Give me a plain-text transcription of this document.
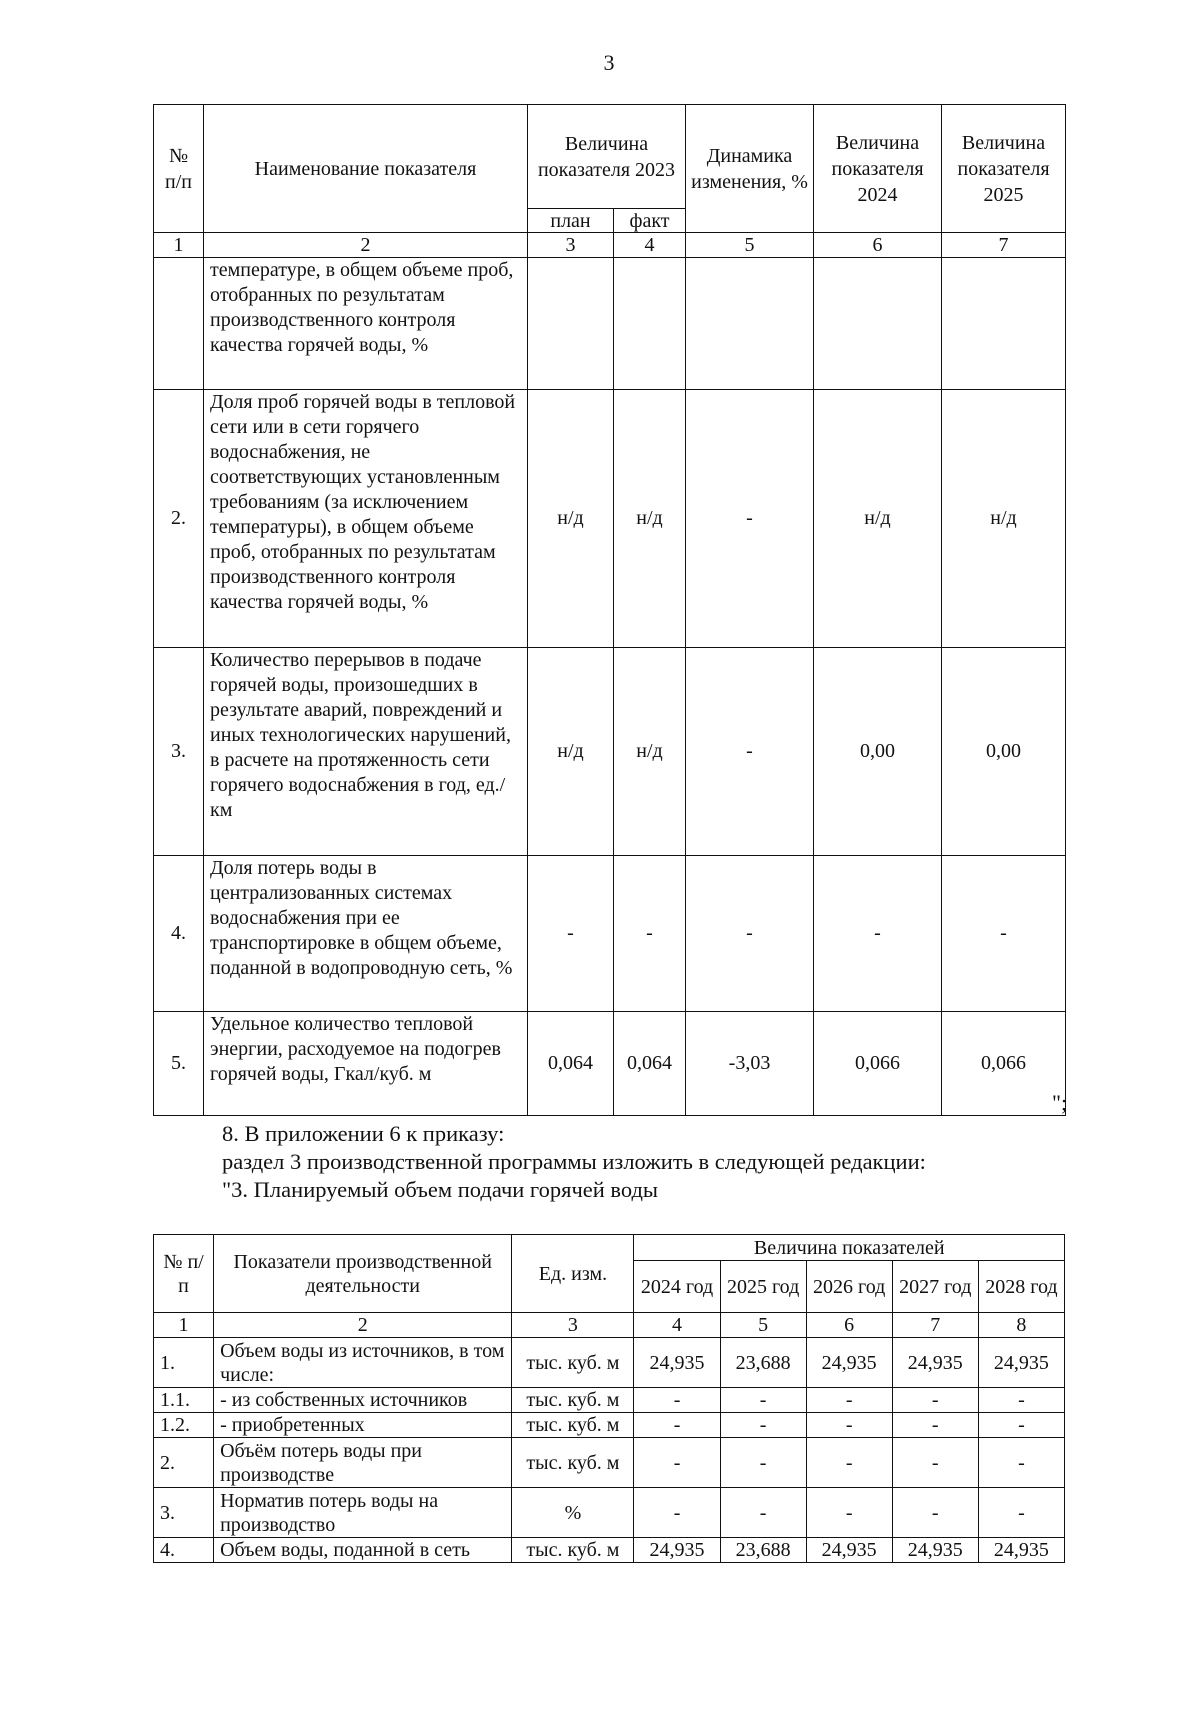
3
№ п/п	Наименование показателя	Величина показателя 2023		Динамика изменения, %	Величина показателя 2024	Величина показателя 2025
		план	факт			
1	2	3	4	5	6	7
	температуре, в общем объеме проб, отобранных по результатам производственного контроля качества горячей воды, %					
2.	Доля проб горячей воды в тепловой сети или в сети горячего водоснабжения, не соответствующих установленным требованиям (за исключением температуры), в общем объеме проб, отобранных по результатам производственного контроля качества горячей воды, %	н/д	н/д	-	н/д	н/д
3.	Количество перерывов в подаче горячей воды, произошедших в результате аварий, повреждений и иных технологических нарушений, в расчете на протяженность сети горячего водоснабжения в год, ед./км	н/д	н/д	-	0,00	0,00
4.	Доля потерь воды в централизованных системах водоснабжения при ее транспортировке в общем объеме, поданной в водопроводную сеть, %	-	-	-	-	-
5.	Удельное количество тепловой энергии, расходуемое на подогрев горячей воды, Гкал/куб. м	0,064	0,064	-3,03	0,066	0,066
";
8. В приложении 6 к приказу:
раздел 3 производственной программы изложить в следующей редакции:
"3. Планируемый объем подачи горячей воды
№ п/п	Показатели производственной деятельности	Ед. изм.	Величина показателей				
			2024 год	2025 год	2026 год	2027 год	2028 год
1	2	3	4	5	6	7	8
1.	Объем воды из источников, в том числе:	тыс. куб. м	24,935	23,688	24,935	24,935	24,935
1.1.	- из собственных источников	тыс. куб. м	-	-	-	-	-
1.2.	- приобретенных	тыс. куб. м	-	-	-	-	-
2.	Объём потерь воды при производстве	тыс. куб. м	-	-	-	-	-
3.	Норматив потерь воды на производство	%	-	-	-	-	-
4.	Объем воды, поданной в сеть	тыс. куб. м	24,935	23,688	24,935	24,935	24,935
